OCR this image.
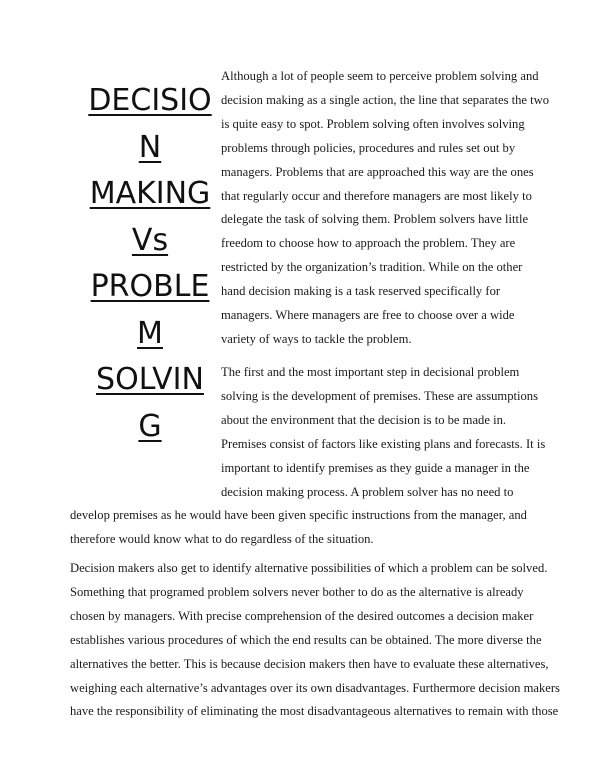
DECISIO
N
MAKING
Vs
PROBLE
M
SOLVIN
G
Although a lot of people seem to perceive problem solving and
decision making as a single action, the line that separates the two
is quite easy to spot. Problem solving often involves solving
problems through policies, procedures and rules set out by
managers. Problems that are approached this way are the ones
that regularly occur and therefore managers are most likely to
delegate the task of solving them. Problem solvers have little
freedom to choose how to approach the problem. They are
restricted by the organization’s tradition. While on the other
hand decision making is a task reserved specifically for
managers. Where managers are free to choose over a wide
variety of ways to tackle the problem.
The first and the most important step in decisional problem
solving is the development of premises. These are assumptions
about the environment that the decision is to be made in.
Premises consist of factors like existing plans and forecasts. It is
important to identify premises as they guide a manager in the
decision making process. A problem solver has no need to
develop premises as he would have been given specific instructions from the manager, and
therefore would know what to do regardless of the situation.
Decision makers also get to identify alternative possibilities of which a problem can be solved.
Something that programed problem solvers never bother to do as the alternative is already
chosen by managers. With precise comprehension of the desired outcomes a decision maker
establishes various procedures of which the end results can be obtained. The more diverse the
alternatives the better. This is because decision makers then have to evaluate these alternatives,
weighing each alternative’s advantages over its own disadvantages. Furthermore decision makers
have the responsibility of eliminating the most disadvantageous alternatives to remain with those
